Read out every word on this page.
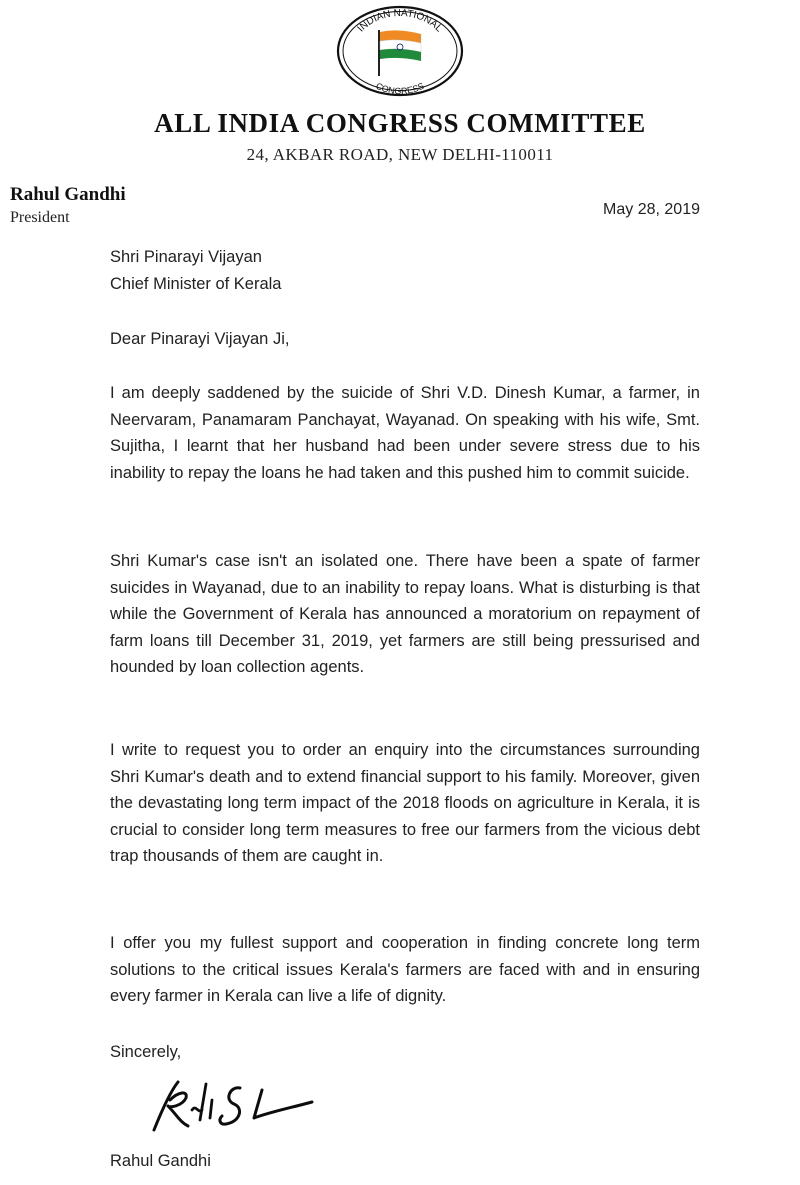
INDIAN NATIONAL
CONGRESS
ALL INDIA CONGRESS COMMITTEE
24, AKBAR ROAD, NEW DELHI-110011
Rahul Gandhi
President	May 28, 2019
Shri Pinarayi Vijayan
Chief Minister of Kerala
Dear Pinarayi Vijayan Ji,
I am deeply saddened by the suicide of Shri V.D. Dinesh Kumar, a farmer, in Neervaram, Panamaram Panchayat, Wayanad. On speaking with his wife, Smt. Sujitha, I learnt that her husband had been under severe stress due to his inability to repay the loans he had taken and this pushed him to commit suicide.
Shri Kumar's case isn't an isolated one. There have been a spate of farmer suicides in Wayanad, due to an inability to repay loans. What is disturbing is that while the Government of Kerala has announced a moratorium on repayment of farm loans till December 31, 2019, yet farmers are still being pressurised and hounded by loan collection agents.
I write to request you to order an enquiry into the circumstances surrounding Shri Kumar's death and to extend financial support to his family. Moreover, given the devastating long term impact of the 2018 floods on agriculture in Kerala, it is crucial to consider long term measures to free our farmers from the vicious debt trap thousands of them are caught in.
I offer you my fullest support and cooperation in finding concrete long term solutions to the critical issues Kerala's farmers are faced with and in ensuring every farmer in Kerala can live a life of dignity.
Sincerely,
Rahul Gandhi
